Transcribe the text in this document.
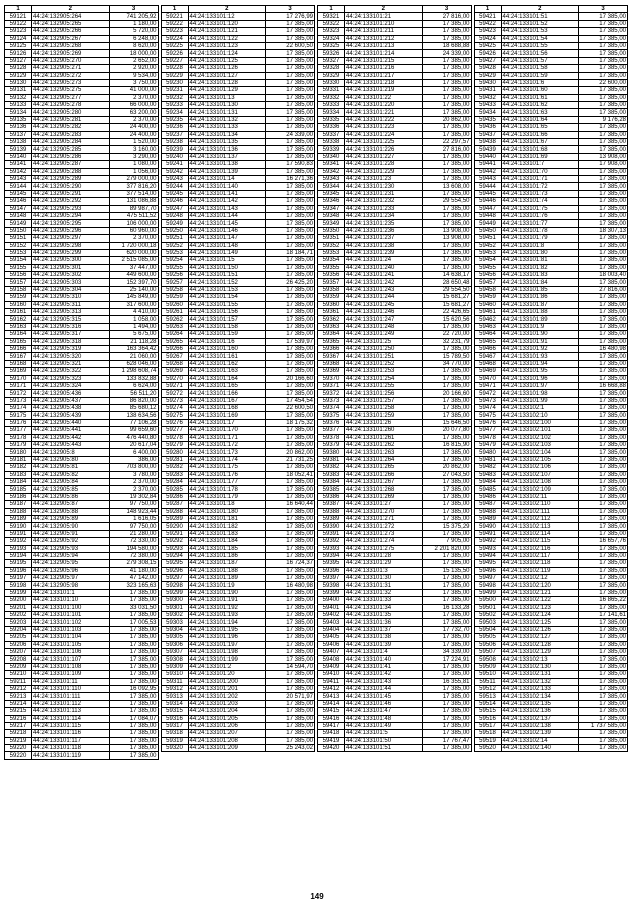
1	2	3
59121	44:24:132905:264	741 205,92
59122	44:24:132905:265	1 180,00
59123	44:24:132905:266	5 720,00
59124	44:24:132905:267	6 248,00
59125	44:24:132905:268	8 620,00
59126	44:24:132905:269	18 000,00
59127	44:24:132905:270	2 652,00
59128	44:24:132905:271	2 920,00
59129	44:24:132905:272	9 534,00
59130	44:24:132905:273	3 750,00
59131	44:24:132905:275	41 000,00
59132	44:24:132905:277	2 370,00
59133	44:24:132905:278	66 000,00
59134	44:24:132905:280	63 200,00
59135	44:24:132905:281	2 370,00
59136	44:24:132905:282	24 400,00
59137	44:24:132905:283	24 400,00
59138	44:24:132905:284	1 520,00
59139	44:24:132905:285	3 160,00
59140	44:24:132905:286	3 290,00
59141	44:24:132905:287	1 080,00
59142	44:24:132905:288	1 056,00
59143	44:24:132905:289	279 000,00
59144	44:24:132905:290	377 816,20
59145	44:24:132905:291	377 514,00
59146	44:24:132905:292	131 086,88
59147	44:24:132905:293	89 987,70
59148	44:24:132905:294	475 511,52
59149	44:24:132905:295	106 000,00
59150	44:24:132905:296	60 960,00
59151	44:24:132905:297	2 370,00
59152	44:24:132905:298	1 720 000,18
59153	44:24:132905:299	620 000,00
59154	44:24:132905:300	2 515 085,00
59155	44:24:132905:301	37 447,00
59156	44:24:132905:302	449 600,00
59157	44:24:132905:303	152 397,70
59158	44:24:132905:304	25 140,00
59159	44:24:132905:310	145 849,00
59160	44:24:132905:311	317 600,00
59161	44:24:132905:313	4 410,00
59162	44:24:132905:315	1 058,00
59163	44:24:132905:316	1 494,00
59164	44:24:132905:317	5 675,00
59165	44:24:132905:318	21 118,28
59166	44:24:132905:319	163 364,42
59167	44:24:132905:320	21 060,00
59168	44:24:132905:321	628 046,00
59169	44:24:132905:322	1 298 608,74
59170	44:24:132905:323	133 832,88
59171	44:24:132905:324	6 624,00
59172	44:24:132905:436	56 511,20
59173	44:24:132905:437	86 820,00
59174	44:24:132905:438	85 680,12
59175	44:24:132905:439	138 634,56
59176	44:24:132905:440	77 106,28
59177	44:24:132905:441	99 659,60
59178	44:24:132905:442	476 440,80
59179	44:24:132905:443	20 617,04
59180	44:24:132905:8	6 400,00
59181	44:24:132905:80	386,00
59182	44:24:132905:81	703 800,00
59183	44:24:132905:82	3 780,00
59184	44:24:132905:84	2 370,00
59185	44:24:132905:85	2 370,00
59186	44:24:132905:86	19 302,84
59187	44:24:132905:87	97 750,00
59188	44:24:132905:88	148 923,44
59189	44:24:132905:89	1 616,05
59190	44:24:132905:90	97 750,00
59191	44:24:132905:91	21 280,00
59192	44:24:132905:92	72 330,00
59193	44:24:132905:93	194 580,00
59194	44:24:132905:94	72 380,00
59195	44:24:132905:95	279 308,15
59196	44:24:132905:96	41 180,00
59197	44:24:132905:97	47 142,00
59198	44:24:132905:98	323 165,63
59199	44:24:133101:1	17 385,00
59200	44:24:133101:10	17 385,00
59201	44:24:133101:100	33 031,50
59202	44:24:133101:101	17 385,00
59203	44:24:133101:102	17 005,53
59204	44:24:133101:103	17 385,00
59205	44:24:133101:104	17 385,00
59206	44:24:133101:105	17 385,00
59207	44:24:133101:106	17 385,00
59208	44:24:133101:107	17 385,00
59209	44:24:133101:108	17 385,00
59210	44:24:133101:109	17 385,00
59211	44:24:133101:11	17 385,00
59212	44:24:133101:110	16 092,95
59213	44:24:133101:111	17 385,00
59214	44:24:133101:112	17 385,00
59215	44:24:133101:113	17 385,00
59216	44:24:133101:114	17 084,07
59217	44:24:133101:115	17 385,00
59218	44:24:133101:116	17 385,00
59219	44:24:133101:117	17 385,00
59220	44:24:133101:118	17 385,00
59220	44:24:133101:119	17 385,00
1	2	3
59221	44:24:133101:12	17 276,99
59222	44:24:133101:120	17 385,00
59223	44:24:133101:121	17 385,00
59224	44:24:133101:122	17 385,00
59225	44:24:133101:123	22 600,50
59226	44:24:133101:124	17 385,00
59227	44:24:133101:125	17 385,00
59228	44:24:133101:126	17 385,00
59229	44:24:133101:127	17 385,00
59230	44:24:133101:128	17 385,00
59231	44:24:133101:129	17 385,00
59232	44:24:133101:13	17 385,00
59233	44:24:133101:130	17 385,00
59234	44:24:133101:131	17 385,00
59235	44:24:133101:132	17 385,00
59236	44:24:133101:133	17 385,00
59237	44:24:133101:134	24 339,00
59238	44:24:133101:135	17 385,00
59239	44:24:133101:136	17 385,00
59240	44:24:133101:137	17 385,00
59241	44:24:133101:138	17 590,83
59242	44:24:133101:139	17 385,00
59243	44:24:133101:14	16 271,36
59244	44:24:133101:140	17 385,00
59245	44:24:133101:141	17 385,00
59246	44:24:133101:142	17 385,00
59247	44:24:133101:143	17 385,00
59248	44:24:133101:144	17 385,00
59249	44:24:133101:145	17 385,00
59250	44:24:133101:146	17 385,00
59251	44:24:133101:147	17 385,00
59252	44:24:133101:148	17 385,00
59253	44:24:133101:149	18 184,71
59254	44:24:133101:15	17 385,00
59255	44:24:133101:150	17 385,00
59256	44:24:133101:151	17 385,00
59257	44:24:133101:152	26 425,20
59258	44:24:133101:153	17 385,00
59259	44:24:133101:154	17 385,00
59260	44:24:133101:155	17 385,00
59261	44:24:133101:156	17 385,00
59262	44:24:133101:157	17 385,00
59263	44:24:133101:158	17 385,00
59264	44:24:133101:159	17 385,00
59265	44:24:133101:16	17 539,97
59266	44:24:133101:160	17 385,00
59267	44:24:133101:161	17 385,00
59268	44:24:133101:162	17 385,00
59269	44:24:133101:163	17 385,00
59270	44:24:133101:164	20 166,60
59271	44:24:133101:165	17 385,00
59272	44:24:133101:166	17 385,00
59273	44:24:133101:167	17 454,54
59274	44:24:133101:168	22 600,50
59275	44:24:133101:169	17 385,00
59276	44:24:133101:17	18 175,32
59277	44:24:133101:170	17 385,00
59278	44:24:133101:171	17 385,00
59279	44:24:133101:172	17 385,00
59280	44:24:133101:173	20 862,00
59281	44:24:133101:174	21 731,25
59282	44:24:133101:175	17 385,00
59283	44:24:133101:176	18 052,41
59284	44:24:133101:177	17 385,00
59285	44:24:133101:178	17 385,00
59286	44:24:133101:179	17 385,00
59287	44:24:133101:18	16 640,44
59288	44:24:133101:180	17 385,00
59289	44:24:133101:181	17 385,00
59290	44:24:133101:182	17 385,00
59291	44:24:133101:183	17 385,00
59292	44:24:133101:184	17 385,00
59293	44:24:133101:185	17 385,00
59294	44:24:133101:186	17 385,00
59295	44:24:133101:187	16 724,37
59296	44:24:133101:188	17 385,00
59297	44:24:133101:189	17 385,00
59298	44:24:133101:19	16 480,98
59299	44:24:133101:190	17 385,00
59300	44:24:133101:191	17 385,00
59301	44:24:133101:192	17 385,00
59302	44:24:133101:193	17 385,00
59303	44:24:133101:194	17 385,00
59304	44:24:133101:195	17 385,00
59305	44:24:133101:196	17 385,00
59306	44:24:133101:197	17 385,00
59307	44:24:133101:198	17 385,00
59308	44:24:133101:199	17 385,00
59309	44:24:133101:2	14 594,70
59310	44:24:133101:20	17 385,00
59311	44:24:133101:200	17 385,00
59312	44:24:133101:201	17 385,00
59313	44:24:133101:202	20 571,97
59314	44:24:133101:203	17 385,00
59315	44:24:133101:204	17 385,00
59316	44:24:133101:205	17 385,00
59317	44:24:133101:206	17 385,00
59318	44:24:133101:207	17 385,00
59319	44:24:133101:208	17 385,00
59320	44:24:133101:209	25 243,02
1	2	3
59321	44:24:133101:21	27 816,00
59322	44:24:133101:210	17 385,00
59323	44:24:133101:211	17 385,00
59324	44:24:133101:212	17 385,00
59325	44:24:133101:213	18 688,88
59326	44:24:133101:214	24 339,00
59327	44:24:133101:215	17 385,00
59328	44:24:133101:216	17 385,00
59329	44:24:133101:217	17 385,00
59330	44:24:133101:218	17 385,00
59331	44:24:133101:219	17 385,00
59332	44:24:133101:22	17 385,00
59333	44:24:133101:220	17 385,00
59334	44:24:133101:221	17 385,00
59335	44:24:133101:222	20 862,00
59336	44:24:133101:223	17 385,00
59337	44:24:133101:224	17 385,00
59338	44:24:133101:225	22 297,57
59339	44:24:133101:226	27 816,00
59340	44:24:133101:227	17 385,00
59341	44:24:133101:228	17 385,00
59342	44:24:133101:229	17 385,00
59343	44:24:133101:23	17 385,00
59344	44:24:133101:230	13 608,00
59345	44:24:133101:231	17 385,00
59346	44:24:133101:232	29 554,50
59347	44:24:133101:233	17 385,00
59348	44:24:133101:234	17 385,00
59349	44:24:133101:235	17 385,00
59350	44:24:133101:236	13 908,00
59351	44:24:133101:237	13 908,00
59352	44:24:133101:238	17 385,00
59353	44:24:133101:239	17 385,00
59354	44:24:133101:24	17 385,00
59355	44:24:133101:240	17 385,00
59356	44:24:133101:241	14 638,17
59357	44:24:133101:242	28 650,48
59358	44:24:133101:243	29 554,50
59359	44:24:133101:244	15 681,27
59360	44:24:133101:245	15 681,27
59361	44:24:133101:246	22 426,65
59362	44:24:133101:247	15 620,56
59363	44:24:133101:248	17 385,00
59364	44:24:133101:249	22 720,00
59365	44:24:133101:25	32 231,79
59366	44:24:133101:250	17 385,00
59367	44:24:133101:251	15 789,50
59368	44:24:133101:252	34 770,00
59369	44:24:133101:253	17 385,00
59370	44:24:133101:254	17 385,00
59371	44:24:133101:255	17 385,00
59372	44:24:133101:256	20 166,60
59373	44:24:133101:257	17 385,00
59374	44:24:133101:258	17 385,00
59375	44:24:133101:259	17 385,00
59376	44:24:133101:26	15 646,50
59377	44:24:133101:260	20 077,80
59378	44:24:133101:261	17 385,00
59379	44:24:133101:262	16 815,90
59380	44:24:133101:263	17 385,00
59381	44:24:133101:264	17 385,00
59382	44:24:133101:265	20 862,00
59383	44:24:133101:266	27 043,50
59384	44:24:133101:267	17 385,00
59385	44:24:133101:268	17 385,00
59386	44:24:133101:269	17 385,00
59387	44:24:133101:27	17 385,00
59388	44:24:133101:270	17 385,00
59389	44:24:133101:271	17 385,00
59390	44:24:133101:272	15 375,29
59391	44:24:133101:273	17 385,00
59392	44:24:133101:274	7 905,00
59393	44:24:133101:275	2 201 820,00
59394	44:24:133101:28	17 385,00
59395	44:24:133101:29	17 385,00
59396	44:24:133101:3	15 135,50
59397	44:24:133101:30	17 385,00
59398	44:24:133101:31	17 385,00
59399	44:24:133101:32	17 385,00
59400	44:24:133101:33	17 385,00
59401	44:24:133101:34	16 133,28
59402	44:24:133101:35	17 385,00
59403	44:24:133101:36	17 385,00
59404	44:24:133101:37	17 732,70
59405	44:24:133101:38	17 385,00
59406	44:24:133101:39	17 385,00
59407	44:24:133101:4	34 339,00
59408	44:24:133101:40	17 224,91
59409	44:24:133101:41	17 385,00
59410	44:24:133101:42	17 385,00
59411	44:24:133101:43	16 355,81
59412	44:24:133101:44	17 385,00
59413	44:24:133101:45	17 385,00
59414	44:24:133101:46	17 385,00
59415	44:24:133101:47	17 385,00
59416	44:24:133101:48	17 385,00
59417	44:24:133101:49	17 385,00
59418	44:24:133101:5	17 385,00
59419	44:24:133101:50	17 767,47
59420	44:24:133101:51	17 385,00
1	2	3
59421	44:24:133101:51	17 385,00
59422	44:24:133101:52	17 385,00
59423	44:24:133101:53	17 385,00
59424	44:24:133101:54	17 385,00
59425	44:24:133101:55	17 385,00
59426	44:24:133101:56	17 385,00
59427	44:24:133101:57	17 385,00
59428	44:24:133101:58	17 385,00
59429	44:24:133101:59	17 385,00
59430	44:24:133101:6	22 600,00
59431	44:24:133101:60	17 385,00
59432	44:24:133101:61	17 385,00
59433	44:24:133101:62	17 385,00
59434	44:24:133101:63	17 385,00
59435	44:24:133101:64	9 176,28
59436	44:24:133101:65	17 385,00
59437	44:24:133101:66	17 385,00
59438	44:24:133101:67	17 385,00
59439	44:24:133101:68	17 385,00
59440	44:24:133101:69	13 908,00
59441	44:24:133101:7	17 908,00
59442	44:24:133101:70	17 385,00
59443	44:24:133101:71	17 385,00
59444	44:24:133101:72	17 385,00
59445	44:24:133101:73	17 385,00
59446	44:24:133101:74	17 385,00
59447	44:24:133101:75	17 385,00
59448	44:24:133101:76	17 385,00
59449	44:24:133101:77	17 385,00
59450	44:24:133101:78	18 307,13
59451	44:24:133101:79	17 385,00
59452	44:24:133101:8	17 385,00
59453	44:24:133101:80	17 385,00
59454	44:24:133101:81	17 385,00
59455	44:24:133101:82	17 385,00
59456	44:24:133101:83	18 003,40
59457	44:24:133101:84	17 385,00
59458	44:24:133101:85	27 816,00
59459	44:24:133101:86	17 385,00
59460	44:24:133101:87	17 385,00
59461	44:24:133101:88	17 385,00
59462	44:24:133101:89	17 385,00
59463	44:24:133101:9	17 385,00
59464	44:24:133101:90	17 385,00
59465	44:24:133101:91	17 385,00
59466	44:24:133101:92	16 480,98
59467	44:24:133101:93	17 385,00
59468	44:24:133101:94	17 385,00
59469	44:24:133101:95	17 385,00
59470	44:24:133101:96	17 385,00
59471	44:24:133101:97	16 668,88
59472	44:24:133101:98	17 385,00
59473	44:24:133101:99	17 385,00
59474	44:24:133102:1	17 385,00
59475	44:24:133102:10	17 385,00
59476	44:24:133102:100	17 385,00
59477	44:24:133102:101	17 385,00
59478	44:24:133102:102	17 385,00
59479	44:24:133102:103	17 385,00
59480	44:24:133102:104	17 385,00
59481	44:24:133102:105	17 385,00
59482	44:24:133102:106	17 385,00
59483	44:24:133102:107	17 385,00
59484	44:24:133102:108	17 385,00
59485	44:24:133102:109	17 385,00
59486	44:24:133102:11	17 385,00
59487	44:24:133102:110	17 385,00
59488	44:24:133102:111	17 385,00
59489	44:24:133102:112	17 385,00
59490	44:24:133102:113	17 385,00
59491	44:24:133102:114	17 385,00
59492	44:24:133102:115	16 657,76
59493	44:24:133102:116	17 385,00
59494	44:24:133102:117	17 385,00
59495	44:24:133102:118	17 385,00
59496	44:24:133102:119	17 385,00
59497	44:24:133102:12	17 385,00
59498	44:24:133102:120	17 385,00
59499	44:24:133102:121	17 385,00
59500	44:24:133102:122	16 865,22
59501	44:24:133102:123	17 385,00
59502	44:24:133102:124	17 141,61
59503	44:24:133102:125	17 385,00
59504	44:24:133102:126	17 385,00
59505	44:24:133102:127	17 385,00
59506	44:24:133102:128	17 385,00
59507	44:24:133102:129	17 385,00
59508	44:24:133102:13	17 385,00
59509	44:24:133102:130	17 385,00
59510	44:24:133102:131	17 385,00
59511	44:24:133102:132	17 385,00
59512	44:24:133102:133	17 385,00
59513	44:24:133102:134	17 385,00
59514	44:24:133102:135	17 385,00
59515	44:24:133102:136	17 385,00
59516	44:24:133102:137	17 385,00
59517	44:24:133102:138	1 737 585,00
59518	44:24:133102:139	17 385,00
59519	44:24:133102:14	17 385,00
59520	44:24:133102:140	17 385,00
149
